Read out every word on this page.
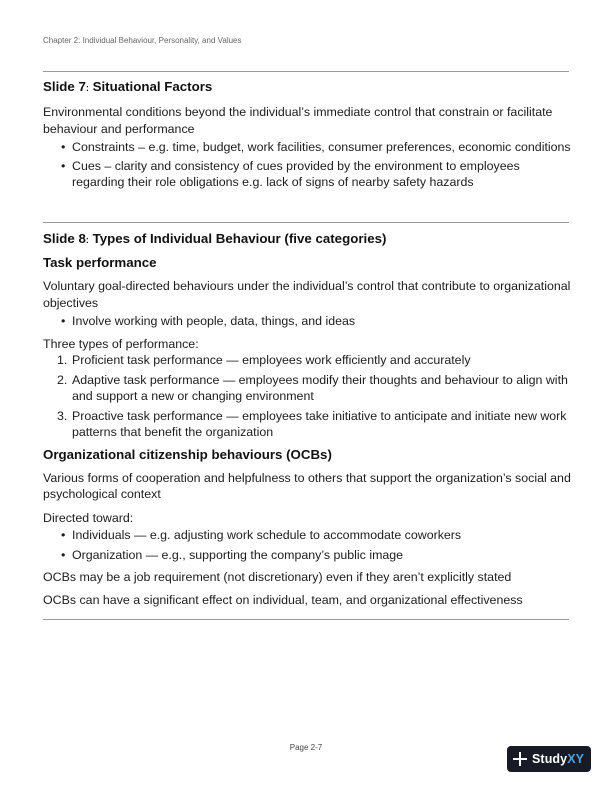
Chapter 2: Individual Behaviour, Personality, and Values
Slide 7: Situational Factors

Environmental conditions beyond the individual’s immediate control that constrain or facilitate behaviour and performance

• Constraints – e.g. time, budget, work facilities, consumer preferences, economic conditions
• Cues – clarity and consistency of cues provided by the environment to employees regarding their role obligations e.g. lack of signs of nearby safety hazards
Slide 8: Types of Individual Behaviour (five categories)
Task performance

Voluntary goal-directed behaviours under the individual’s control that contribute to organizational objectives

• Involve working with people, data, things, and ideas

Three types of performance:

1. Proficient task performance — employees work efficiently and accurately
2. Adaptive task performance — employees modify their thoughts and behaviour to align with and support a new or changing environment
3. Proactive task performance — employees take initiative to anticipate and initiate new work patterns that benefit the organization
Organizational citizenship behaviours (OCBs)

Various forms of cooperation and helpfulness to others that support the organization’s social and psychological context

Directed toward:

• Individuals — e.g. adjusting work schedule to accommodate coworkers
• Organization — e.g., supporting the company’s public image

OCBs may be a job requirement (not discretionary) even if they aren’t explicitly stated

OCBs can have a significant effect on individual, team, and organizational effectiveness

Page 2-7
StudyXY
